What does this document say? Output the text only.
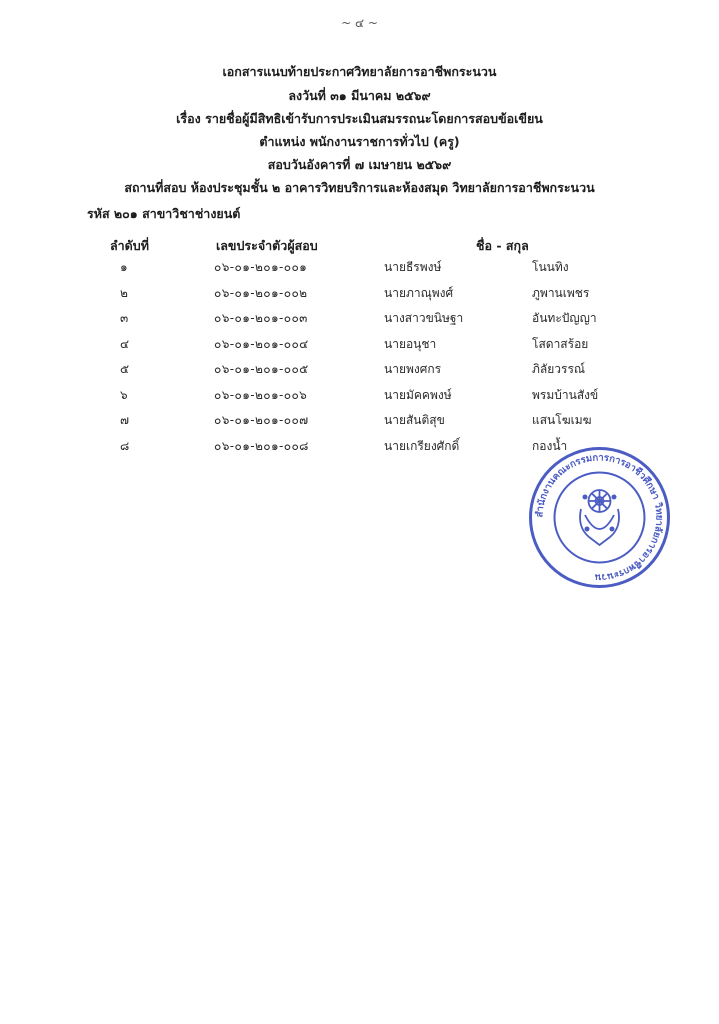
~ ๔ ~
เอกสารแนบท้ายประกาศวิทยาลัยการอาชีพกระนวน
ลงวันที่ ๓๑ มีนาคม ๒๕๖๙
เรื่อง รายชื่อผู้มีสิทธิเข้ารับการประเมินสมรรถนะโดยการสอบข้อเขียน
ตำแหน่ง พนักงานราชการทั่วไป (ครู)
สอบวันอังคารที่ ๗ เมษายน ๒๕๖๙
สถานที่สอบ ห้องประชุมชั้น ๒ อาคารวิทยบริการและห้องสมุด วิทยาลัยการอาชีพกระนวน
รหัส ๒๐๑ สาขาวิชาช่างยนต์
ลำดับที่	เลขประจำตัวผู้สอบ	ชื่อ - สกุล
๑	๐๖-๐๑-๒๐๑-๐๐๑	นายธีรพงษ์	โนนทิง
๒	๐๖-๐๑-๒๐๑-๐๐๒	นายภาณุพงศ์	ภูพานเพชร
๓	๐๖-๐๑-๒๐๑-๐๐๓	นางสาวขนิษฐา	อันทะปัญญา
๔	๐๖-๐๑-๒๐๑-๐๐๔	นายอนุชา	โสดาสร้อย
๕	๐๖-๐๑-๒๐๑-๐๐๕	นายพงศกร	ภิลัยวรรณ์
๖	๐๖-๐๑-๒๐๑-๐๐๖	นายมัคคพงษ์	พรมบ้านสังข์
๗	๐๖-๐๑-๒๐๑-๐๐๗	นายสันติสุข	แสนโฆเมฆ
๘	๐๖-๐๑-๒๐๑-๐๐๘	นายเกรียงศักดิ์	กองน้ำ
สำนักงานคณะกรรมการการอาชีวศึกษา วิทยาลัยการอาชีพกระนวน
